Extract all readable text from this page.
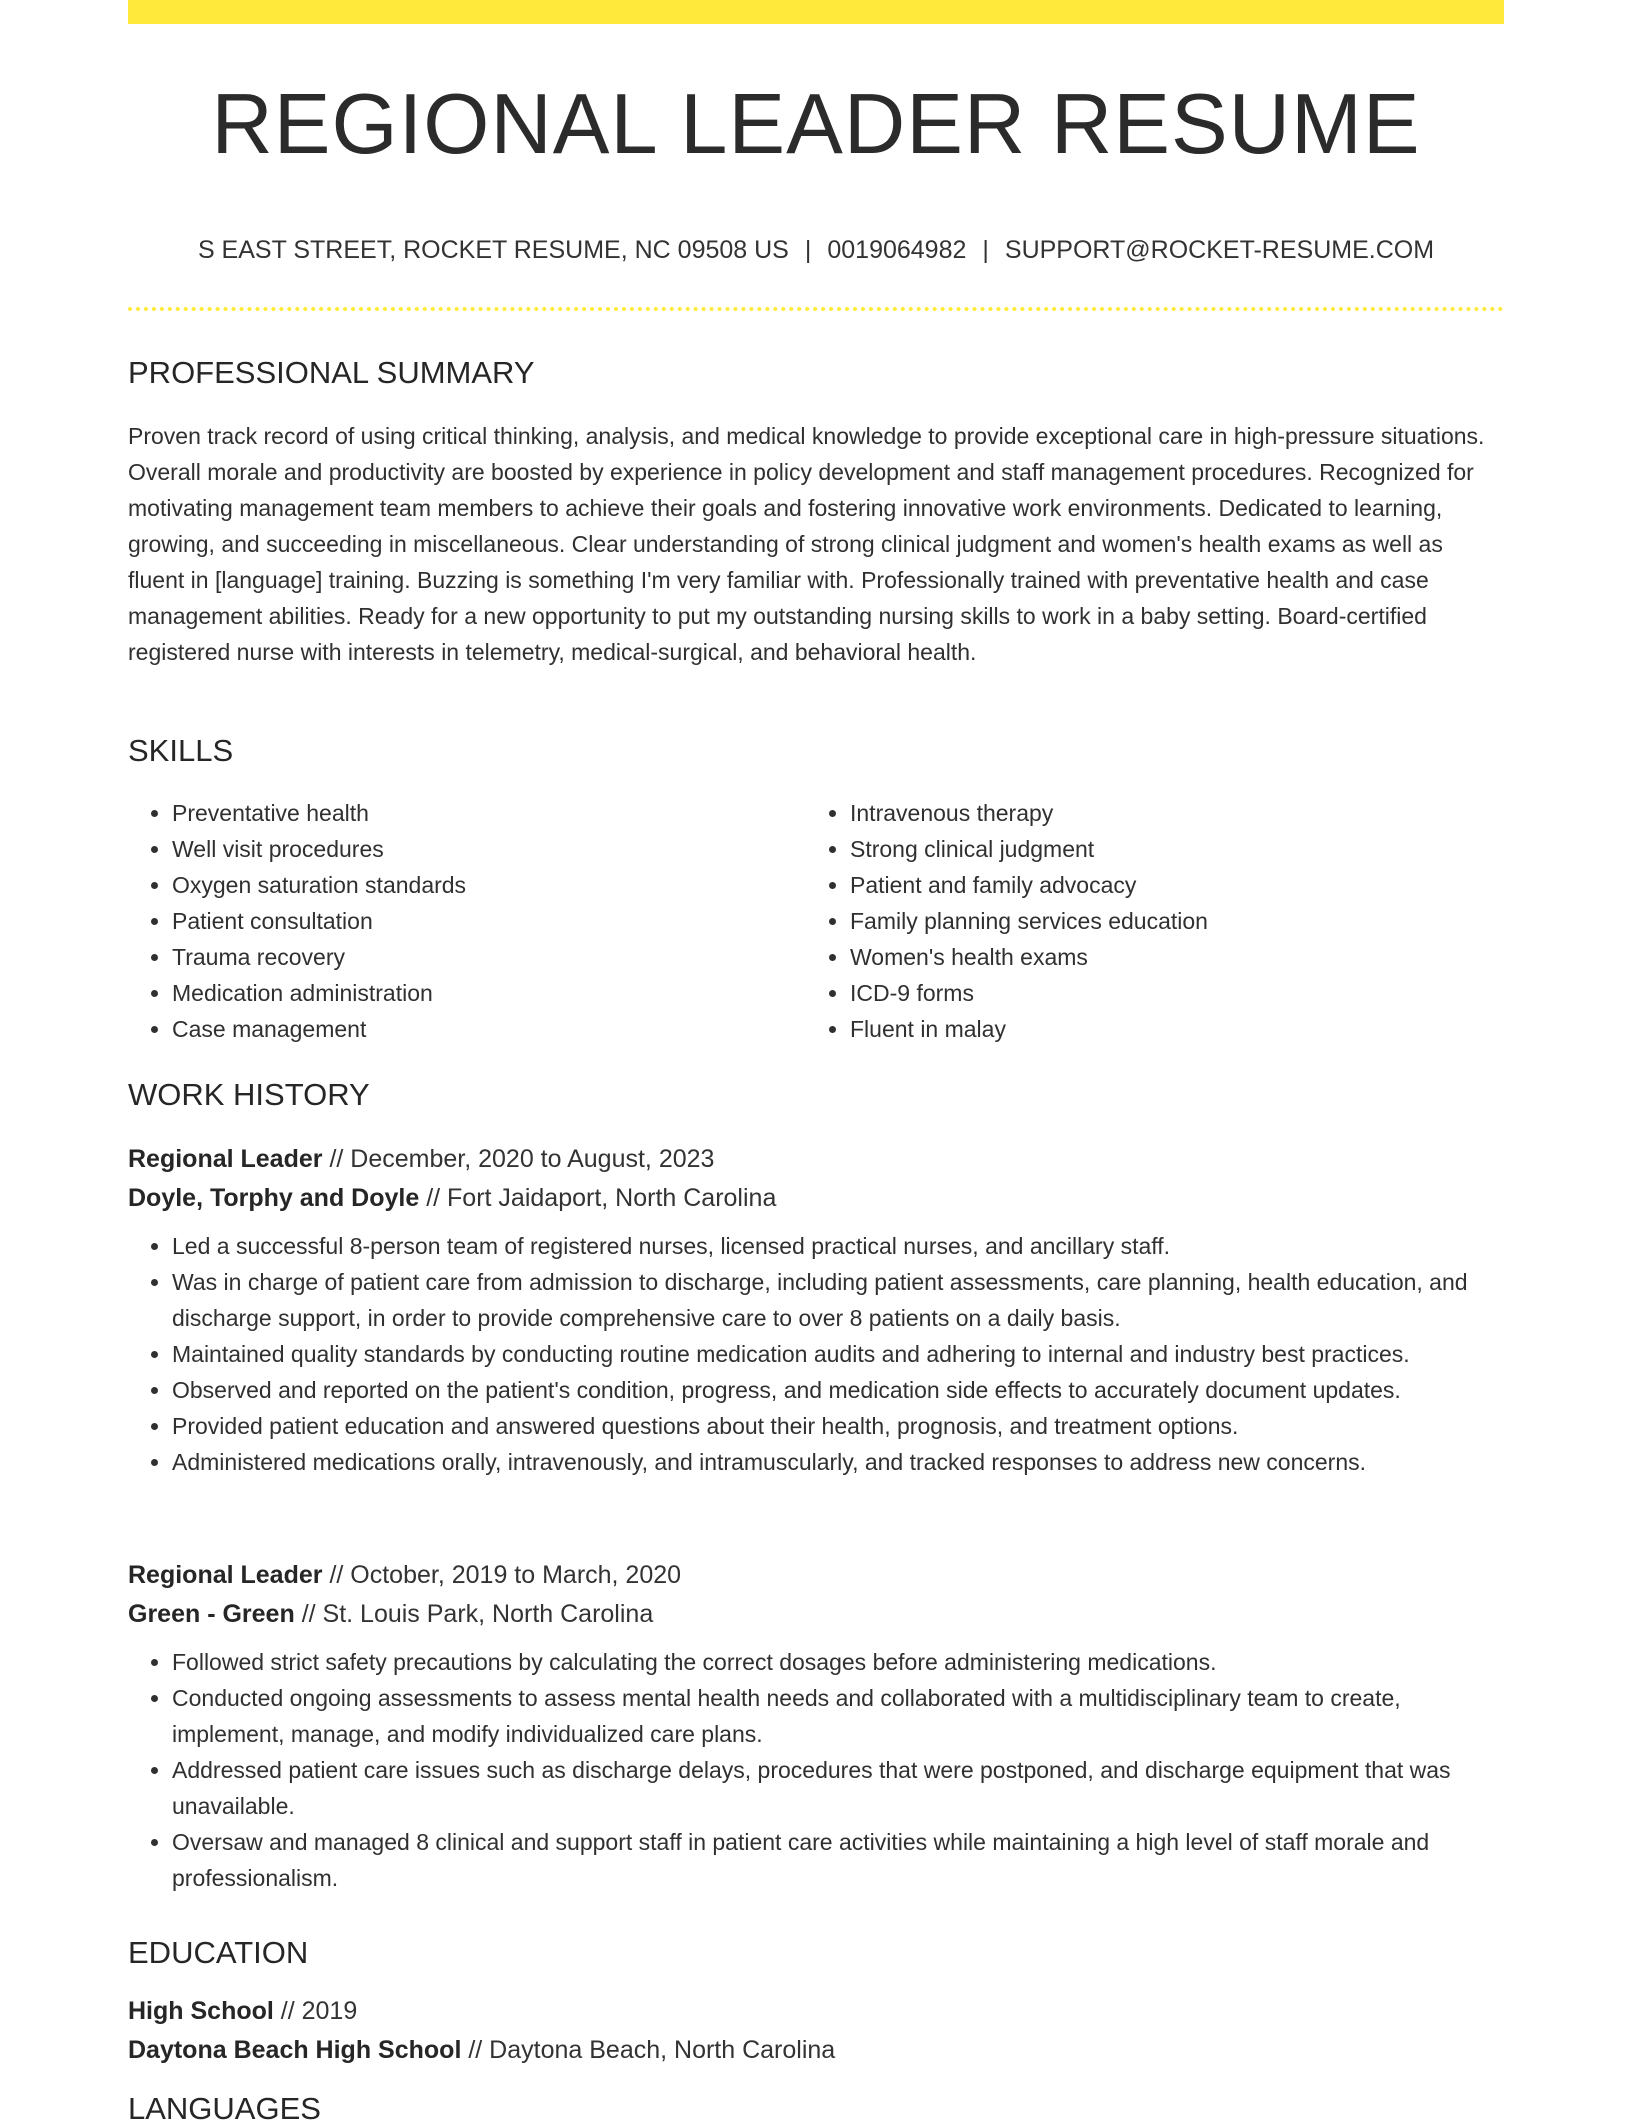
REGIONAL LEADER RESUME
S EAST STREET, ROCKET RESUME, NC 09508 US | 0019064982 | SUPPORT@ROCKET-RESUME.COM
PROFESSIONAL SUMMARY

Proven track record of using critical thinking, analysis, and medical knowledge to provide exceptional care in high-pressure situations. Overall morale and productivity are boosted by experience in policy development and staff management procedures. Recognized for motivating management team members to achieve their goals and fostering innovative work environments. Dedicated to learning, growing, and succeeding in miscellaneous. Clear understanding of strong clinical judgment and women's health exams as well as fluent in [language] training. Buzzing is something I'm very familiar with. Professionally trained with preventative health and case management abilities. Ready for a new opportunity to put my outstanding nursing skills to work in a baby setting. Board-certified registered nurse with interests in telemetry, medical-surgical, and behavioral health.

SKILLS
• Preventative health
• Well visit procedures
• Oxygen saturation standards
• Patient consultation
• Trauma recovery
• Medication administration
• Case management
• Intravenous therapy
• Strong clinical judgment
• Patient and family advocacy
• Family planning services education
• Women's health exams
• ICD-9 forms
• Fluent in malay
WORK HISTORY
Regional Leader // December, 2020 to August, 2023
Doyle, Torphy and Doyle // Fort Jaidaport, North Carolina
• Led a successful 8-person team of registered nurses, licensed practical nurses, and ancillary staff.
• Was in charge of patient care from admission to discharge, including patient assessments, care planning, health education, and discharge support, in order to provide comprehensive care to over 8 patients on a daily basis.
• Maintained quality standards by conducting routine medication audits and adhering to internal and industry best practices.
• Observed and reported on the patient's condition, progress, and medication side effects to accurately document updates.
• Provided patient education and answered questions about their health, prognosis, and treatment options.
• Administered medications orally, intravenously, and intramuscularly, and tracked responses to address new concerns.
Regional Leader // October, 2019 to March, 2020
Green - Green // St. Louis Park, North Carolina
• Followed strict safety precautions by calculating the correct dosages before administering medications.
• Conducted ongoing assessments to assess mental health needs and collaborated with a multidisciplinary team to create, implement, manage, and modify individualized care plans.
• Addressed patient care issues such as discharge delays, procedures that were postponed, and discharge equipment that was unavailable.
• Oversaw and managed 8 clinical and support staff in patient care activities while maintaining a high level of staff morale and professionalism.
EDUCATION
High School // 2019
Daytona Beach High School // Daytona Beach, North Carolina
LANGUAGES
